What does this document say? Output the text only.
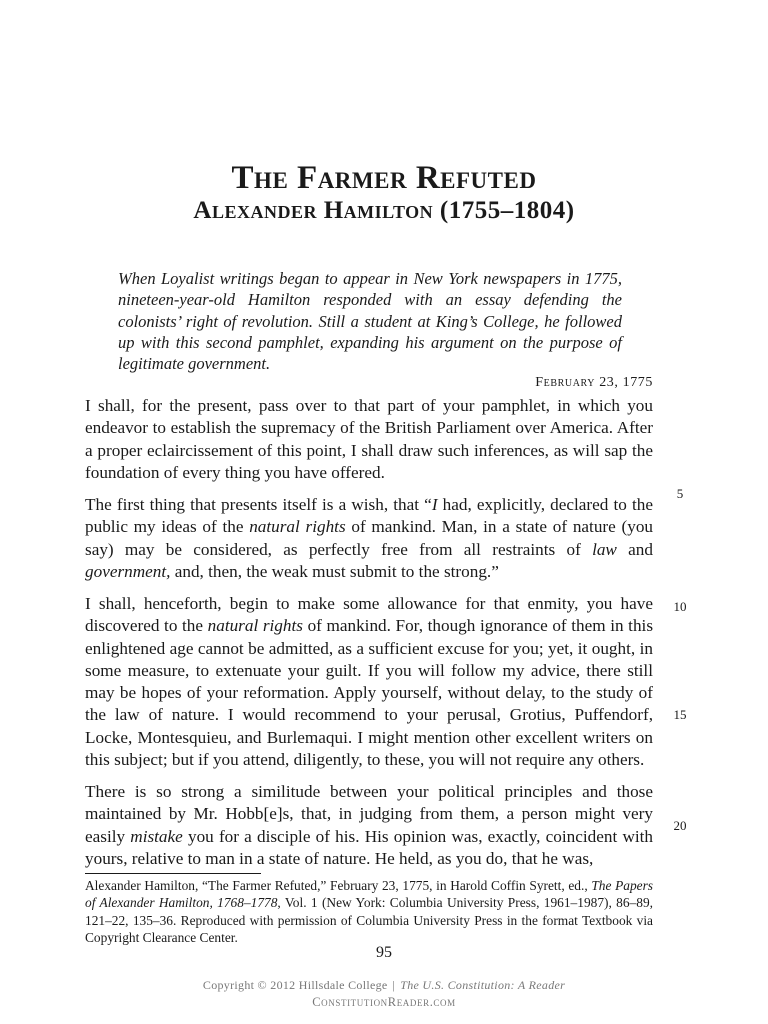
The Farmer Refuted
Alexander Hamilton (1755–1804)

When Loyalist writings began to appear in New York newspapers in 1775, nineteen-year-old Hamilton responded with an essay defending the colonists’ right of revolution. Still a student at King’s College, he followed up with this second pamphlet, expanding his argument on the purpose of legitimate government.

February 23, 1775

I shall, for the present, pass over to that part of your pamphlet, in which you endeavor to establish the supremacy of the British Parliament over America. After a proper eclaircissement of this point, I shall draw such inferences, as will sap the foundation of every thing you have offered.

The first thing that presents itself is a wish, that “I had, explicitly, declared to the public my ideas of the natural rights of mankind. Man, in a state of nature (you say) may be considered, as perfectly free from all restraints of law and government, and, then, the weak must submit to the strong.”

I shall, henceforth, begin to make some allowance for that enmity, you have discovered to the natural rights of mankind. For, though ignorance of them in this enlightened age cannot be admitted, as a sufficient excuse for you; yet, it ought, in some measure, to extenuate your guilt. If you will follow my advice, there still may be hopes of your reformation. Apply yourself, without delay, to the study of the law of nature. I would recommend to your perusal, Grotius, Puffendorf, Locke, Montesquieu, and Burlemaqui. I might mention other excellent writers on this subject; but if you attend, diligently, to these, you will not require any others.

There is so strong a similitude between your political principles and those maintained by Mr. Hobb[e]s, that, in judging from them, a person might very easily mistake you for a disciple of his. His opinion was, exactly, coincident with yours, relative to man in a state of nature. He held, as you do, that he was,

5
10
15
20

Alexander Hamilton, “The Farmer Refuted,” February 23, 1775, in Harold Coffin Syrett, ed., The Papers of Alexander Hamilton, 1768–1778, Vol. 1 (New York: Columbia University Press, 1961–1987), 86–89, 121–22, 135–36. Reproduced with permission of Columbia University Press in the format Textbook via Copyright Clearance Center.

95
Copyright © 2012 Hillsdale College | The U.S. Constitution: A Reader
ConstitutionReader.com
